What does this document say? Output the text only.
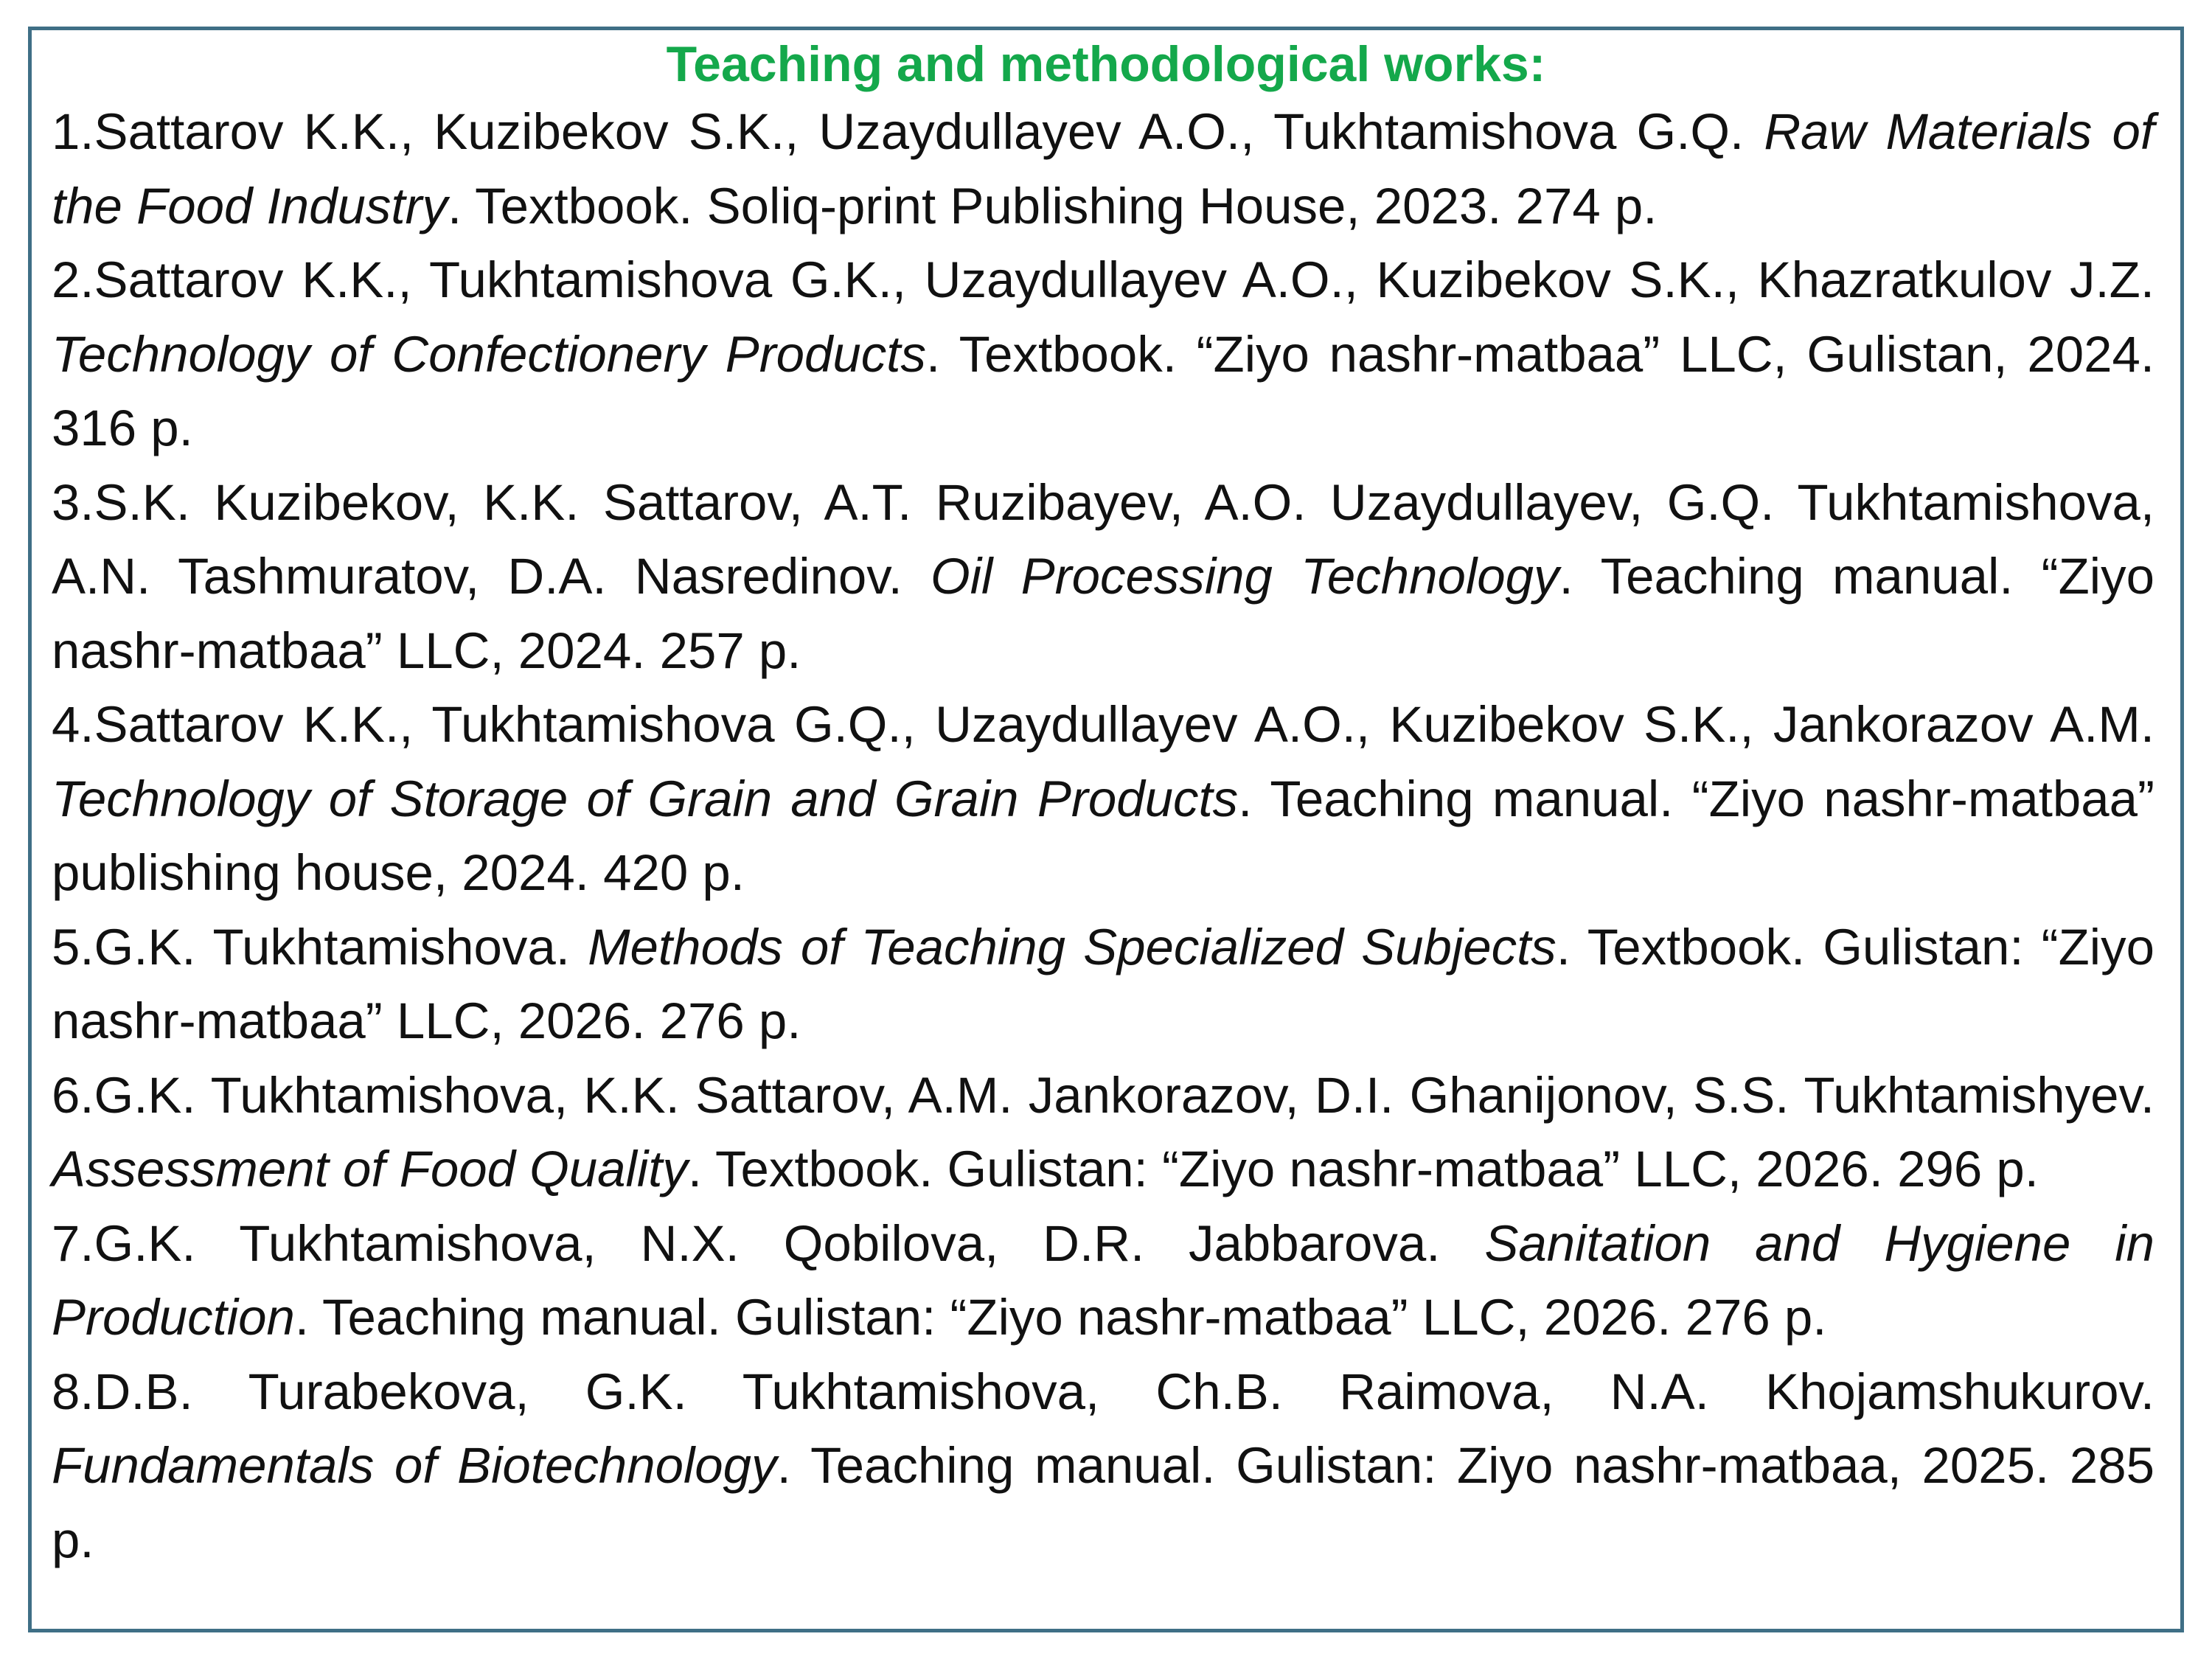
Teaching and methodological works:
1.Sattarov K.K., Kuzibekov S.K., Uzaydullayev A.O., Tukhtamishova G.Q. Raw Materials of the Food Industry. Textbook. Soliq-print Publishing House, 2023. 274 p.
2.Sattarov K.K., Tukhtamishova G.K., Uzaydullayev A.O., Kuzibekov S.K., Khazratkulov J.Z. Technology of Confectionery Products. Textbook. “Ziyo nashr-matbaa” LLC, Gulistan, 2024. 316 p.
3.S.K. Kuzibekov, K.K. Sattarov, A.T. Ruzibayev, A.O. Uzaydullayev, G.Q. Tukhtamishova, A.N. Tashmuratov, D.A. Nasredinov. Oil Processing Technology. Teaching manual. “Ziyo nashr-matbaa” LLC, 2024. 257 p.
4.Sattarov K.K., Tukhtamishova G.Q., Uzaydullayev A.O., Kuzibekov S.K., Jankorazov A.M. Technology of Storage of Grain and Grain Products. Teaching manual. “Ziyo nashr-matbaa” publishing house, 2024. 420 p.
5.G.K. Tukhtamishova. Methods of Teaching Specialized Subjects. Textbook. Gulistan: “Ziyo nashr-matbaa” LLC, 2026. 276 p.
6.G.K. Tukhtamishova, K.K. Sattarov, A.M. Jankorazov, D.I. Ghanijonov, S.S. Tukhtamishyev. Assessment of Food Quality. Textbook. Gulistan: “Ziyo nashr-matbaa” LLC, 2026. 296 p.
7.G.K. Tukhtamishova, N.X. Qobilova, D.R. Jabbarova. Sanitation and Hygiene in Production. Teaching manual. Gulistan: “Ziyo nashr-matbaa” LLC, 2026. 276 p.
8.D.B. Turabekova, G.K. Tukhtamishova, Ch.B. Raimova, N.A. Khojamshukurov. Fundamentals of Biotechnology. Teaching manual. Gulistan: Ziyo nashr-matbaa, 2025. 285 p.
